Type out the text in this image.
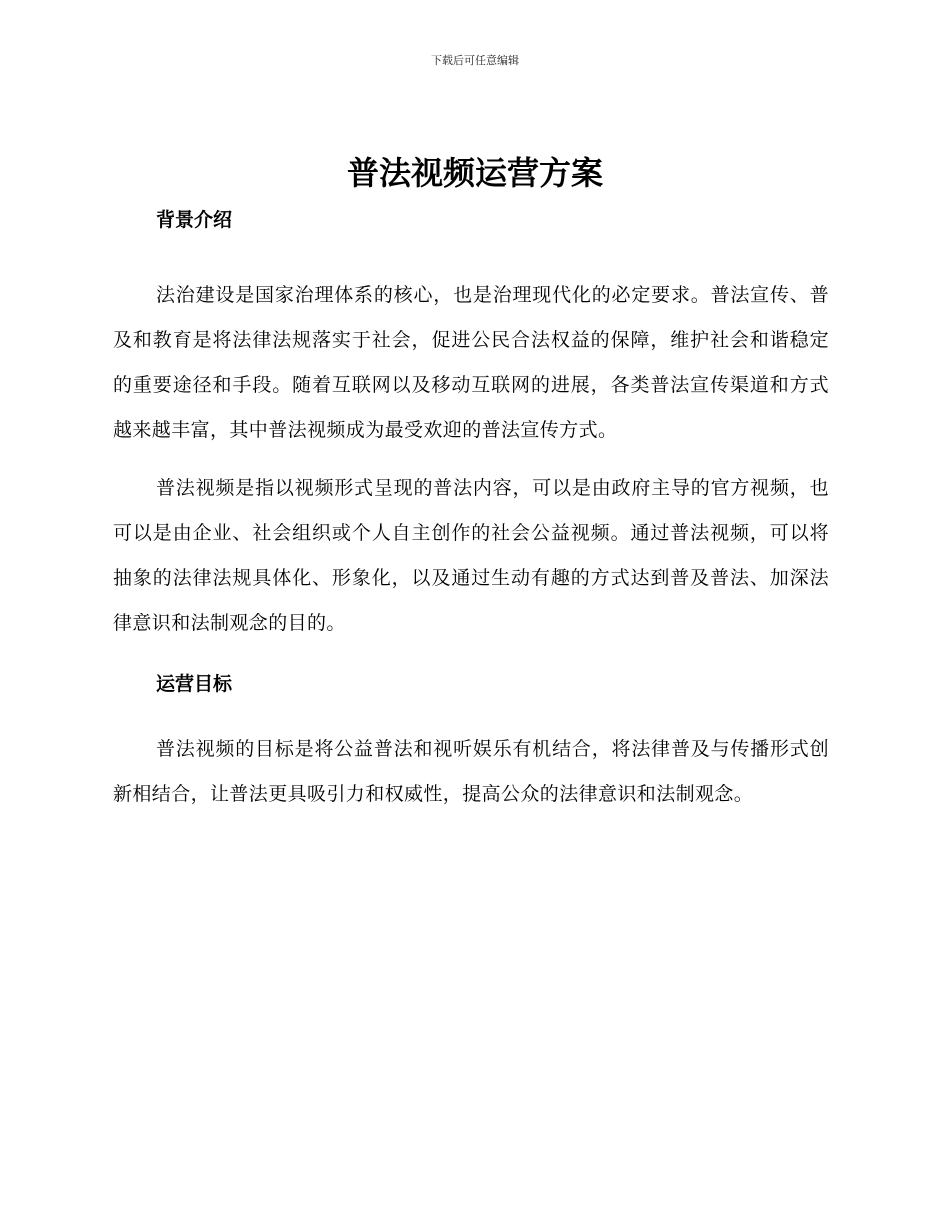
下载后可任意编辑
普法视频运营方案
背景介绍

法治建设是国家治理体系的核心，也是治理现代化的必定要求。普法宣传、普及和教育是将法律法规落实于社会，促进公民合法权益的保障，维护社会和谐稳定的重要途径和手段。随着互联网以及移动互联网的进展，各类普法宣传渠道和方式越来越丰富，其中普法视频成为最受欢迎的普法宣传方式。

普法视频是指以视频形式呈现的普法内容，可以是由政府主导的官方视频，也可以是由企业、社会组织或个人自主创作的社会公益视频。通过普法视频，可以将抽象的法律法规具体化、形象化，以及通过生动有趣的方式达到普及普法、加深法律意识和法制观念的目的。

运营目标

普法视频的目标是将公益普法和视听娱乐有机结合，将法律普及与传播形式创新相结合，让普法更具吸引力和权威性，提高公众的法律意识和法制观念。
